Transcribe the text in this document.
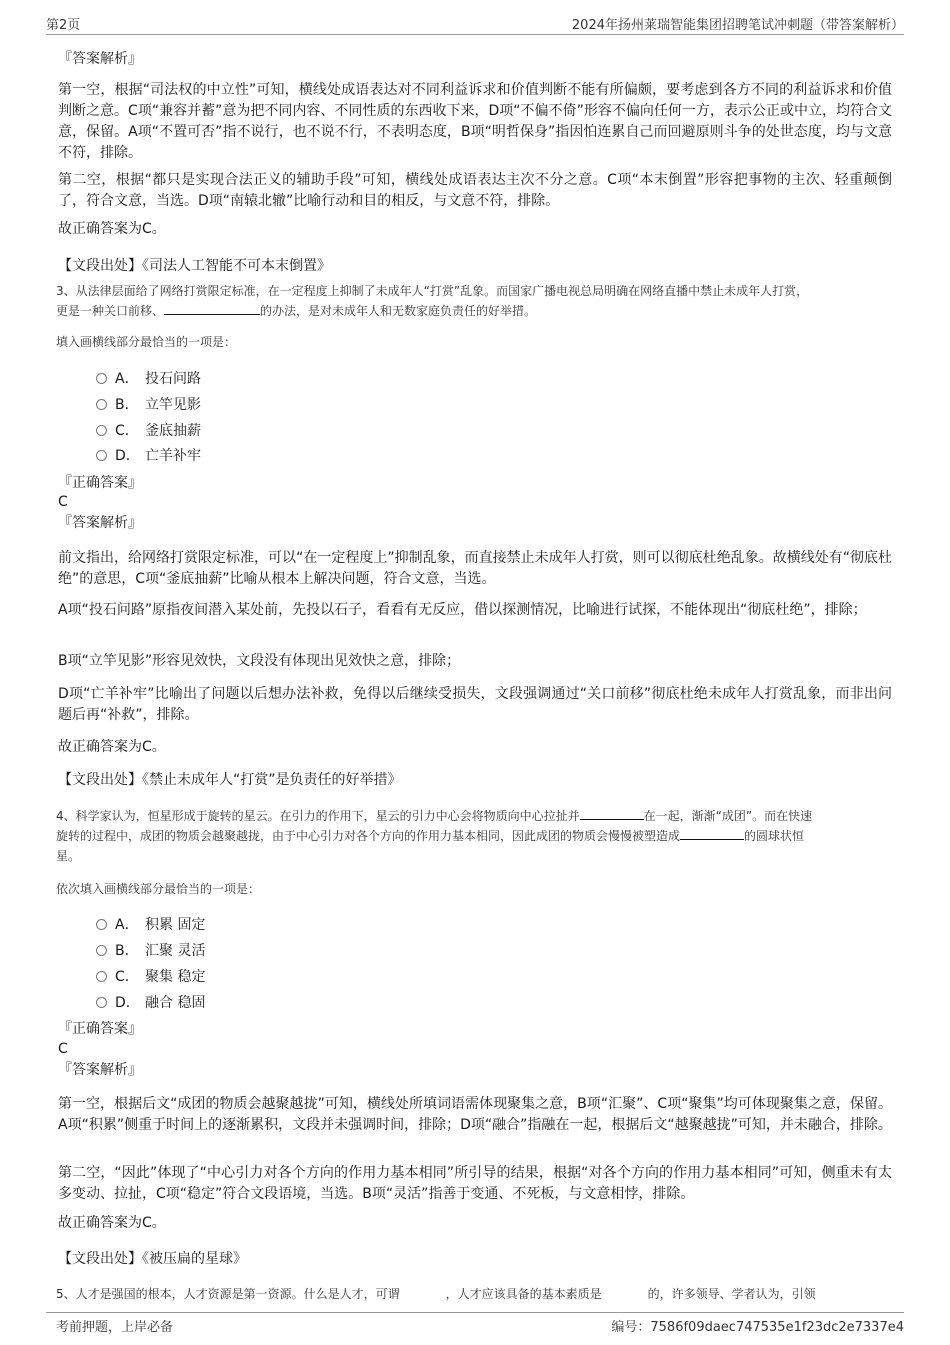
第2页	2024年扬州莱瑞智能集团招聘笔试冲刺题（带答案解析）
『答案解析』
第一空，根据“司法权的中立性”可知，横线处成语表达对不同利益诉求和价值判断不能有所偏颇，要考虑到各方不同的利益诉求和价值判断之意。C项“兼容并蓄”意为把不同内容、不同性质的东西收下来，D项“不偏不倚”形容不偏向任何一方，表示公正或中立，均符合文意，保留。A项“不置可否”指不说行，也不说不行，不表明态度，B项“明哲保身”指因怕连累自己而回避原则斗争的处世态度，均与文意不符，排除。
第二空，根据“都只是实现合法正义的辅助手段”可知，横线处成语表达主次不分之意。C项“本末倒置”形容把事物的主次、轻重颠倒了，符合文意，当选。D项“南辕北辙”比喻行动和目的相反，与文意不符，排除。
故正确答案为C。
【文段出处】《司法人工智能不可本末倒置》
3、从法律层面给了网络打赏限定标准，在一定程度上抑制了未成年人“打赏”乱象。而国家广播电视总局明确在网络直播中禁止未成年人打赏，
更是一种关口前移、	的办法，是对未成年人和无数家庭负责任的好举措。
填入画横线部分最恰当的一项是：
A． 投石问路
B． 立竿见影
C． 釜底抽薪
D． 亡羊补牢
『正确答案』
C
『答案解析』
前文指出，给网络打赏限定标准，可以“在一定程度上”抑制乱象，而直接禁止未成年人打赏，则可以彻底杜绝乱象。故横线处有“彻底杜绝”的意思，C项“釜底抽薪”比喻从根本上解决问题，符合文意，当选。
A项“投石问路”原指夜间潜入某处前，先投以石子，看看有无反应，借以探测情况，比喻进行试探，不能体现出“彻底杜绝”，排除；
B项“立竿见影”形容见效快，文段没有体现出见效快之意，排除；
D项“亡羊补牢”比喻出了问题以后想办法补救，免得以后继续受损失，文段强调通过“关口前移”彻底杜绝未成年人打赏乱象，而非出问题后再“补救”，排除。
故正确答案为C。
【文段出处】《禁止未成年人“打赏”是负责任的好举措》
4、科学家认为，恒星形成于旋转的星云。在引力的作用下，星云的引力中心会将物质向中心拉扯并	在一起，渐渐“成团”。而在快速
旋转的过程中，成团的物质会越聚越拢，由于中心引力对各个方向的作用力基本相同，因此成团的物质会慢慢被塑造成	的圆球状恒
星。
依次填入画横线部分最恰当的一项是：
A． 积累 固定
B． 汇聚 灵活
C． 聚集 稳定
D． 融合 稳固
『正确答案』
C
『答案解析』
第一空，根据后文“成团的物质会越聚越拢”可知，横线处所填词语需体现聚集之意，B项“汇聚”、C项“聚集”均可体现聚集之意，保留。A项“积累”侧重于时间上的逐渐累积，文段并未强调时间，排除；D项“融合”指融在一起，根据后文“越聚越拢”可知，并未融合，排除。
第二空，“因此”体现了“中心引力对各个方向的作用力基本相同”所引导的结果，根据“对各个方向的作用力基本相同”可知，侧重未有太多变动、拉扯，C项“稳定”符合文段语境，当选。B项“灵活”指善于变通、不死板，与文意相悖，排除。
故正确答案为C。
【文段出处】《被压扁的星球》
5、人才是强国的根本，人才资源是第一资源。什么是人才，可谓	，人才应该具备的基本素质是	的，许多领导、学者认为，引领
考前押题，上岸必备	编号：7586f09daec747535e1f23dc2e7337e4
